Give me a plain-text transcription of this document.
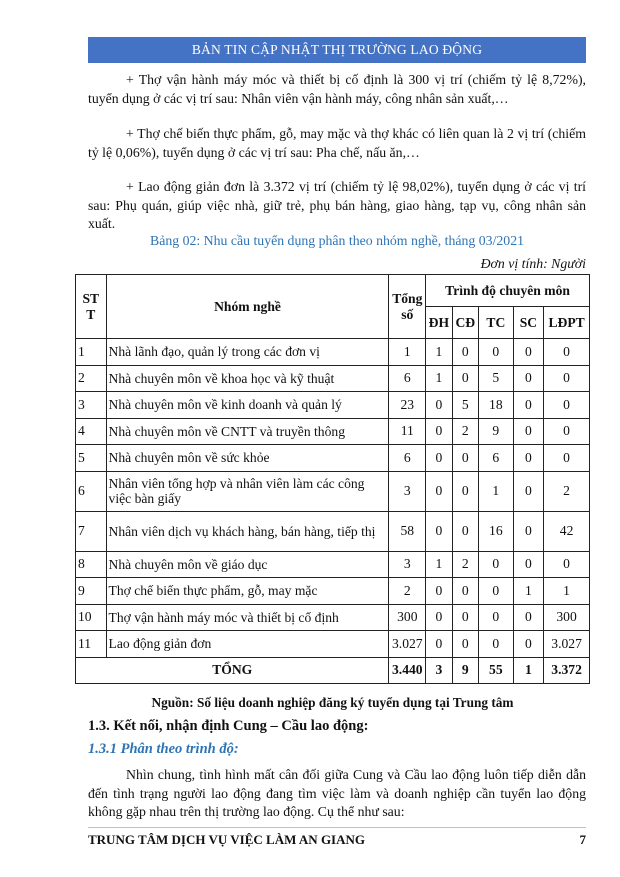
BẢN TIN CẬP NHẬT THỊ TRƯỜNG LAO ĐỘNG

+ Thợ vận hành máy móc và thiết bị cố định là 300 vị trí (chiếm tỷ lệ 8,72%), tuyển dụng ở các vị trí sau: Nhân viên vận hành máy, công nhân sản xuất,…

+ Thợ chế biến thực phẩm, gỗ, may mặc và thợ khác có liên quan là 2 vị trí (chiếm tỷ lệ 0,06%), tuyển dụng ở các vị trí sau: Pha chế, nấu ăn,…

+ Lao động giản đơn là 3.372 vị trí (chiếm tỷ lệ 98,02%), tuyển dụng ở các vị trí sau: Phụ quán, giúp việc nhà, giữ trẻ, phụ bán hàng, giao hàng, tạp vụ, công nhân sản xuất.

Bảng 02: Nhu cầu tuyển dụng phân theo nhóm nghề, tháng 03/2021
Đơn vị tính: Người
ST T	Nhóm nghề	Tổng số	Trình độ chuyên môn				
			ĐH	CĐ	TC	SC	LĐPT
1	Nhà lãnh đạo, quản lý trong các đơn vị	1	1	0	0	0	0
2	Nhà chuyên môn về khoa học và kỹ thuật	6	1	0	5	0	0
3	Nhà chuyên môn về kinh doanh và quản lý	23	0	5	18	0	0
4	Nhà chuyên môn về CNTT và truyền thông	11	0	2	9	0	0
5	Nhà chuyên môn về sức khỏe	6	0	0	6	0	0
6	Nhân viên tổng hợp và nhân viên làm các công việc bàn giấy	3	0	0	1	0	2
7	Nhân viên dịch vụ khách hàng, bán hàng, tiếp thị	58	0	0	16	0	42
8	Nhà chuyên môn về giáo dục	3	1	2	0	0	0
9	Thợ chế biến thực phẩm, gỗ, may mặc	2	0	0	0	1	1
10	Thợ vận hành máy móc và thiết bị cố định	300	0	0	0	0	300
11	Lao động giản đơn	3.027	0	0	0	0	3.027
TỔNG		3.440	3	9	55	1	3.372
Nguồn: Số liệu doanh nghiệp đăng ký tuyển dụng tại Trung tâm
1.3. Kết nối, nhận định Cung – Cầu lao động:
1.3.1 Phân theo trình độ:

Nhìn chung, tình hình mất cân đối giữa Cung và Cầu lao động luôn tiếp diễn dẫn đến tình trạng người lao động đang tìm việc làm và doanh nghiệp cần tuyển lao động không gặp nhau trên thị trường lao động. Cụ thể như sau:

TRUNG TÂM DỊCH VỤ VIỆC LÀM AN GIANG	7
